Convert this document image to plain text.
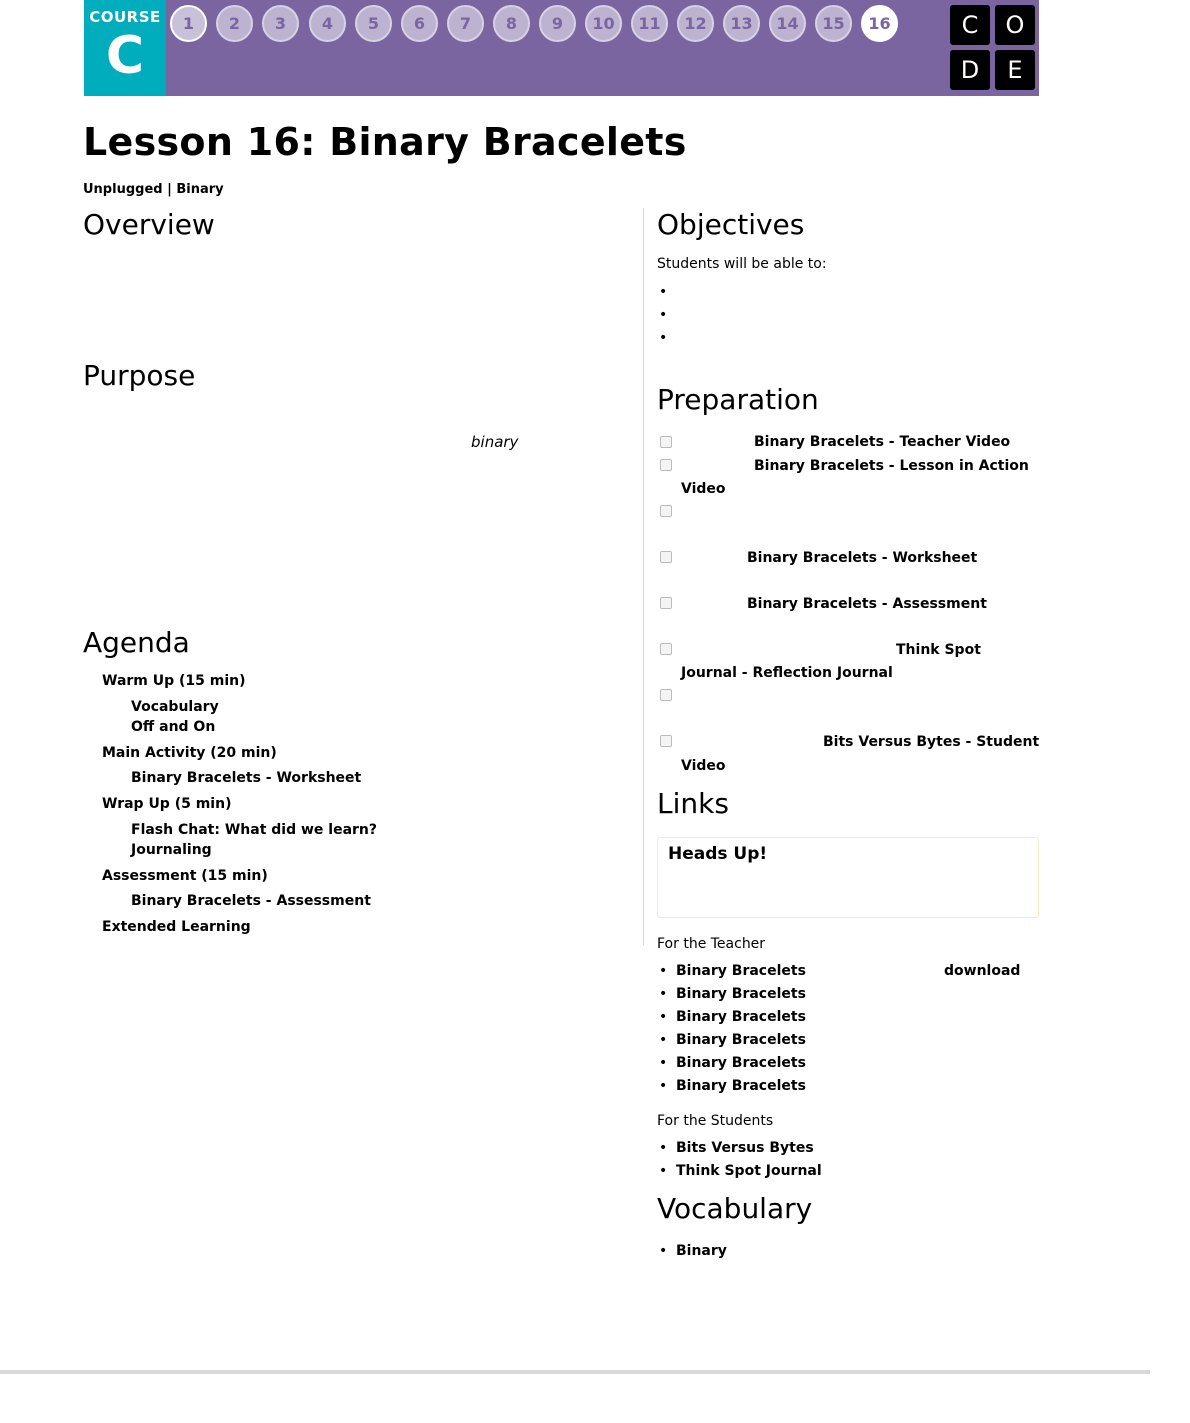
COURSE
C
1	2	3	4	5	6	7	8	9	10	11	12	13	14	15	16	C	O
D	E
Lesson 16: Binary Bracelets
Unplugged | Binary
Overview
Purpose
binary
Agenda
Warm Up (15 min)
Vocabulary
Off and On
Main Activity (20 min)
Binary Bracelets - Worksheet
Wrap Up (5 min)
Flash Chat: What did we learn?
Journaling
Assessment (15 min)
Binary Bracelets - Assessment
Extended Learning
Objectives
Students will be able to:
•
•
•
Preparation
Binary Bracelets - Teacher Video
Binary Bracelets - Lesson in Action
Video
Binary Bracelets - Worksheet
Binary Bracelets - Assessment
Think Spot
Journal - Reflection Journal
Bits Versus Bytes - Student
Video
Links
Heads Up!
For the Teacher
• Binary Bracelets
• Binary Bracelets
• Binary Bracelets
• Binary Bracelets
• Binary Bracelets
• Binary Bracelets
download
For the Students
• Bits Versus Bytes
• Think Spot Journal
Vocabulary
• Binary
